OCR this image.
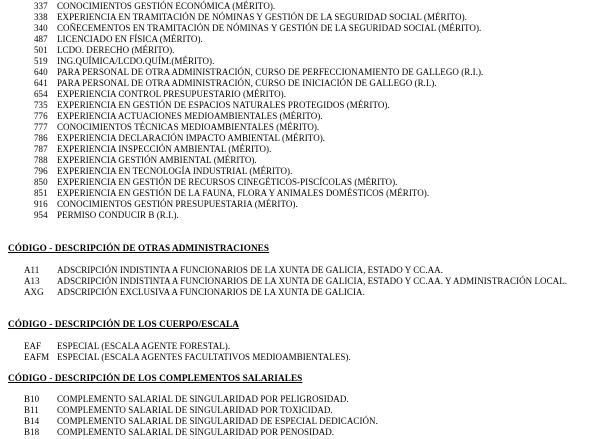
337 CONOCIMIENTOS GESTIÓN ECONÓMICA (MÉRITO).
338 EXPERIENCIA EN TRAMITACIÓN DE NÓMINAS Y GESTIÓN DE LA SEGURIDAD SOCIAL (MÉRITO).
340 COÑECEMENTOS EN TRAMITACIÓN DE NÓMINAS Y GESTIÓN DE LA SEGURIDAD SOCIAL (MÉRITO).
487 LICENCIADO EN FÍSICA (MÉRITO).
501 LCDO. DERECHO (MÉRITO).
519 ING.QUÍMICA/LCDO.QUÍM.(MÉRITO).
640 PARA PERSONAL DE OTRA ADMINISTRACIÓN, CURSO DE PERFECCIONAMIENTO DE GALLEGO (R.I.).
641 PARA PERSONAL DE OTRA ADMINISTRACIÓN, CURSO DE INICIACIÓN DE GALLEGO (R.I.).
654 EXPERIENCIA CONTROL PRESUPUESTARIO (MÉRITO).
735 EXPERIENCIA EN GESTIÓN DE ESPACIOS NATURALES PROTEGIDOS (MÉRITO).
776 EXPERIENCIA ACTUACIONES MEDIOAMBIENTALES (MÉRITO).
777 CONOCIMIENTOS TÉCNICAS MEDIOAMBIENTALES (MÉRITO).
786 EXPERIENCIA DECLARACIÓN IMPACTO AMBIENTAL (MÉRITO).
787 EXPERIENCIA INSPECCIÓN AMBIENTAL (MÉRITO).
788 EXPERIENCIA GESTIÓN AMBIENTAL (MÉRITO).
796 EXPERIENCIA EN TECNOLOGÍA INDUSTRIAL (MÉRITO).
850 EXPERIENCIA EN GESTIÓN DE RECURSOS CINEGÉTICOS-PISCÍCOLAS (MÉRITO).
851 EXPERIENCIA EN GESTIÓN DE LA FAUNA, FLORA Y ANIMALES DOMÉSTICOS (MÉRITO).
916 CONOCIMIENTOS GESTIÓN PRESUPUESTARIA (MÉRITO).
954 PERMISO CONDUCIR B (R.I.).
CÓDIGO - DESCRIPCIÓN DE OTRAS ADMINISTRACIONES
A11 ADSCRIPCIÓN INDISTINTA A FUNCIONARIOS DE LA XUNTA DE GALICIA, ESTADO Y CC.AA.
A13 ADSCRIPCIÓN INDISTINTA A FUNCIONARIOS DE LA XUNTA DE GALICIA, ESTADO Y CC.AA. Y ADMINISTRACIÓN LOCAL.
AXG ADSCRIPCIÓN EXCLUSIVA A FUNCIONARIOS DE LA XUNTA DE GALICIA.
CÓDIGO - DESCRIPCIÓN DE LOS CUERPO/ESCALA
EAF ESPECIAL (ESCALA AGENTE FORESTAL).
EAFM ESPECIAL (ESCALA AGENTES FACULTATIVOS MEDIOAMBIENTALES).
CÓDIGO - DESCRIPCIÓN DE LOS COMPLEMENTOS SALARIALES
B10 COMPLEMENTO SALARIAL DE SINGULARIDAD POR PELIGROSIDAD.
B11 COMPLEMENTO SALARIAL DE SINGULARIDAD POR TOXICIDAD.
B14 COMPLEMENTO SALARIAL DE SINGULARIDAD DE ESPECIAL DEDICACIÓN.
B18 COMPLEMENTO SALARIAL DE SINGULARIDAD POR PENOSIDAD.
